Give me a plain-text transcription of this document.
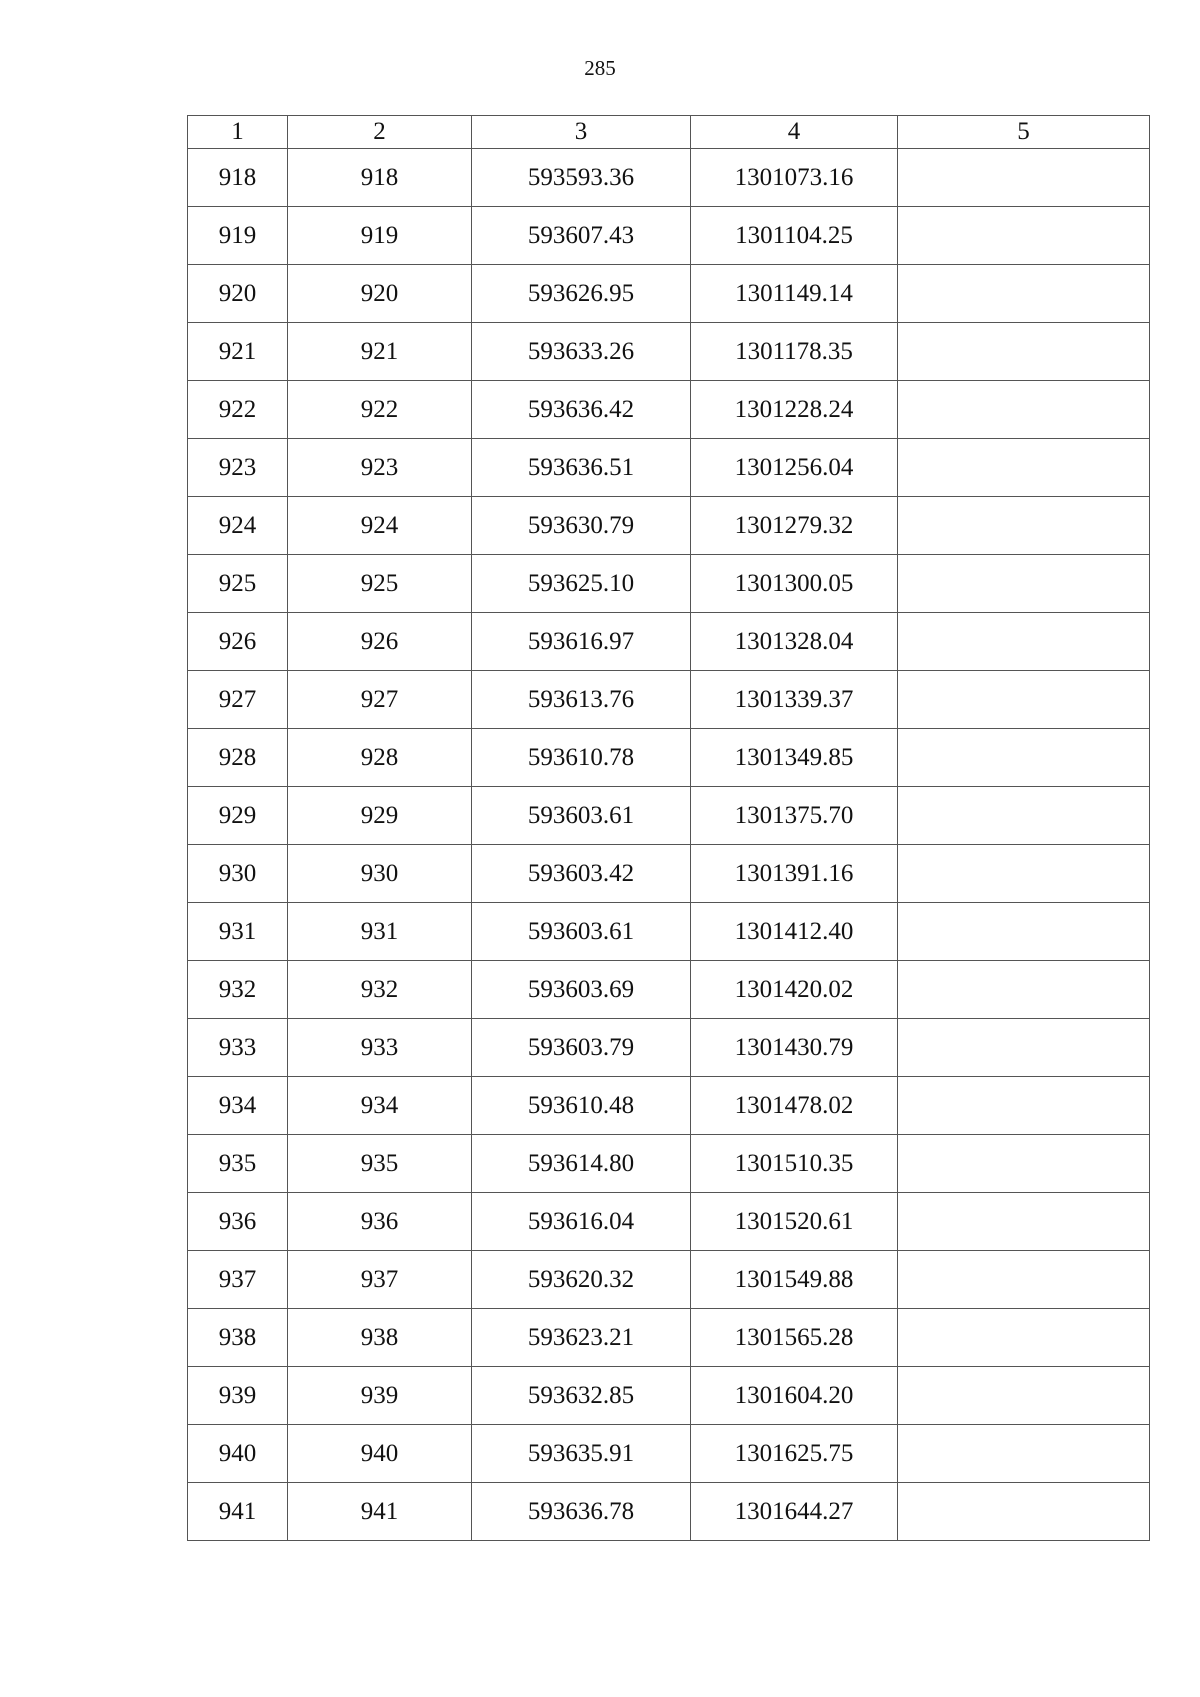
285
1	2	3	4	5
918	918	593593.36	1301073.16	
919	919	593607.43	1301104.25	
920	920	593626.95	1301149.14	
921	921	593633.26	1301178.35	
922	922	593636.42	1301228.24	
923	923	593636.51	1301256.04	
924	924	593630.79	1301279.32	
925	925	593625.10	1301300.05	
926	926	593616.97	1301328.04	
927	927	593613.76	1301339.37	
928	928	593610.78	1301349.85	
929	929	593603.61	1301375.70	
930	930	593603.42	1301391.16	
931	931	593603.61	1301412.40	
932	932	593603.69	1301420.02	
933	933	593603.79	1301430.79	
934	934	593610.48	1301478.02	
935	935	593614.80	1301510.35	
936	936	593616.04	1301520.61	
937	937	593620.32	1301549.88	
938	938	593623.21	1301565.28	
939	939	593632.85	1301604.20	
940	940	593635.91	1301625.75	
941	941	593636.78	1301644.27	
